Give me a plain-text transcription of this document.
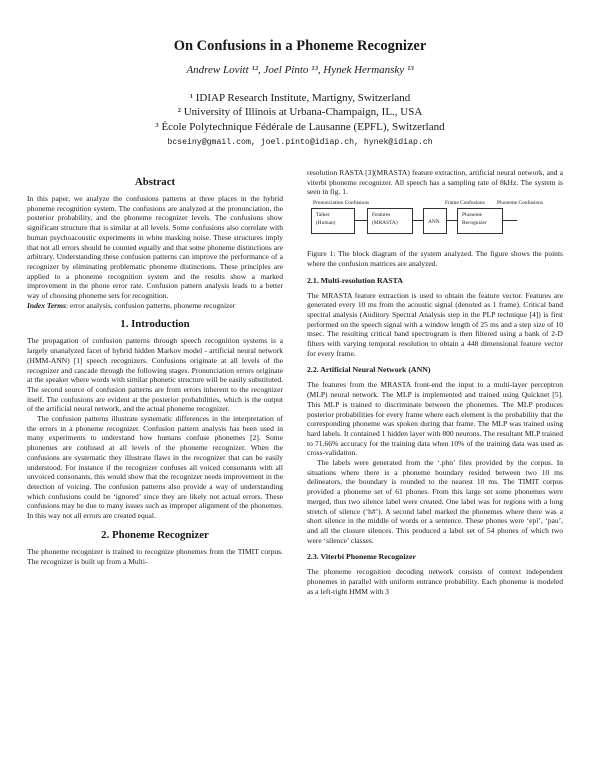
On Confusions in a Phoneme Recognizer
Andrew Lovitt ¹², Joel Pinto ¹³, Hynek Hermansky ¹³
¹ IDIAP Research Institute, Martigny, Switzerland
² University of Illinois at Urbana-Champaign, IL., USA
³ École Polytechnique Fédérale de Lausanne (EPFL), Switzerland
bcseiny@gmail.com, joel.pinto@idiap.ch, hynek@idiap.ch
Abstract

In this paper, we analyze the confusions patterns at three places in the hybrid phoneme recognition system. The confusions are analyzed at the pronunciation, the posterior probability, and the phoneme recognizer levels. The confusions show significant structure that is similar at all levels. Some confusions also correlate with human psychoacoustic experiments in white masking noise. These structures imply that not all errors should be counted equally and that some phoneme distinctions are arbitrary. Understanding these confusion patterns can improve the performance of a recognizer by eliminating problematic phoneme distinctions. These principles are applied to a phoneme recognition system and the results show a marked improvement in the phone error rate. Confusion pattern analysis leads to a better way of choosing phoneme sets for recognition.
Index Terms: error analysis, confusion patterns, phoneme recognizer

1. Introduction

The propagation of confusion patterns through speech recognition systems is a largely unanalyzed facet of hybrid hidden Markov model - artificial neural network (HMM-ANN) [1] speech recognizers. Confusions originate at all levels of the recognizer and cascade through the following stages. Pronunciation errors originate at the speaker where words with similar phonetic structure will be easily substituted. The second source of confusion patterns are from errors inherent to the recognizer itself. The confusions are evident at the posterior probabilities, which is the output of the artificial neural network, and the actual phoneme recognizer.

The confusion patterns illustrate systematic differences in the interpretation of the errors in a phoneme recognizer. Confusion pattern analysis has been used in many experiments to understand how humans confuse phonemes [2]. Some phonemes are confused at all levels of the phoneme recognizer. When the confusions are systematic they illustrate flaws in the recognizer that can be easily understood. For instance if the recognizer confuses all voiced consonants with all unvoiced consonants, this would show that the recognizer needs improvement in the detection of voicing. The confusion patterns also provide a way of understanding which confusions could be ‘ignored’ since they are likely not actual errors. These confusions may be due to many issues such as improper alignment of the phonemes. In this way not all errors are created equal.

2. Phoneme Recognizer

The phoneme recognizer is trained to recognize phonemes from the TIMIT corpus. The recognizer is built up from a Multi-

resolution RASTA [3](MRASTA) feature extraction, artificial neural network, and a viterbi phoneme recognizer. All speech has a sampling rate of 8kHz. The system is seen in fig. 1.

Pronunciation Confusions	Frame Confusions Phoneme Confusions
Talker
(Human)
Features
(MRASTA)	ANN
Phoneme
Recognizer

Figure 1: The block diagram of the system analyzed. The figure shows the points where the confusion matrices are analyzed.

2.1. Multi-resolution RASTA

The MRASTA feature extraction is used to obtain the feature vector. Features are generated every 10 ms from the acoustic signal (denoted as 1 frame). Critical band spectral analysis (Auditory Spectral Analysis step in the PLP technique [4]) is first performed on the speech signal with a window length of 25 ms and a step size of 10 msec. The resulting critical band spectrogram is then filtered using a bank of 2-D filters with varying temporal resolution to obtain a 448 dimensional feature vector for every frame.

2.2. Artificial Neural Network (ANN)

The features from the MRASTA front-end the input to a multi-layer perceptron (MLP) neural network. The MLP is implemented and trained using Quicknet [5]. This MLP is trained to discriminate between the phonemes. The MLP produces posterior probabilities for every frame where each element is the probability that the corresponding phoneme was spoken during that frame. The MLP was trained using hard labels. It contained 1 hidden layer with 800 neurons. The resultant MLP trained to 71.66% accuracy for the training data when 10% of the training data was used as cross-validation.

The labels were generated from the ‘.phn’ files provided by the corpus. In situations where there is a phoneme boundary resided between two 10 ms delineators, the boundary is rounded to the nearest 10 ms. The TIMIT corpus provided a phoneme set of 61 phones. From this large set some phonemes were merged, thus two silence label were created. One label was for regions with a long stretch of silence (‘h#’). A second label marked the phonemes where there was a short silence in the middle of words or a sentence. These phones were ‘epi’, ‘pau’, and all the closure silences. This produced a label set of 54 phones of which two were ‘silence’ classes.

2.3. Viterbi Phoneme Recognizer

The phoneme recognition decoding network consists of context independent phonemes in parallel with uniform entrance probability. Each phoneme is modeled as a left-right HMM with 3
